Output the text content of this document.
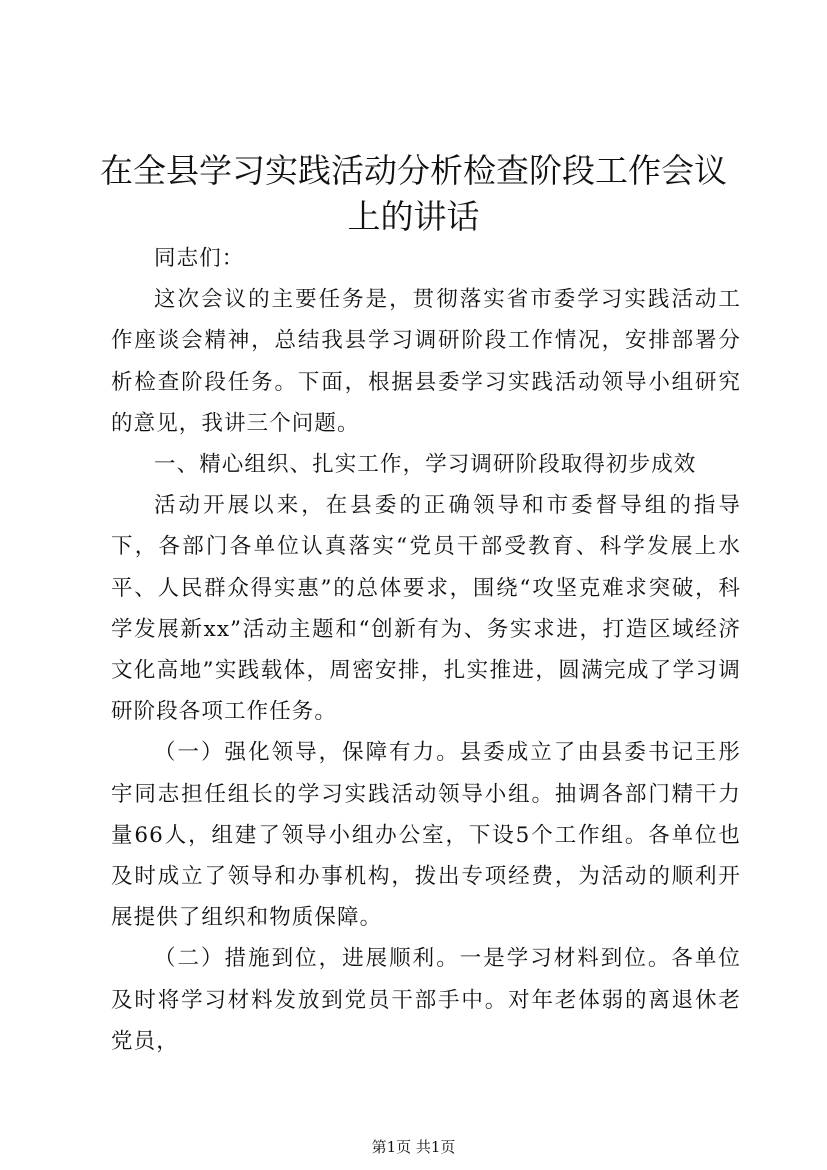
在全县学习实践活动分析检查阶段工作会议上的讲话

同志们：

这次会议的主要任务是，贯彻落实省市委学习实践活动工作座谈会精神，总结我县学习调研阶段工作情况，安排部署分析检查阶段任务。下面，根据县委学习实践活动领导小组研究的意见，我讲三个问题。

一、精心组织、扎实工作，学习调研阶段取得初步成效

活动开展以来，在县委的正确领导和市委督导组的指导下，各部门各单位认真落实“党员干部受教育、科学发展上水平、人民群众得实惠”的总体要求，围绕“攻坚克难求突破，科学发展新xx”活动主题和“创新有为、务实求进，打造区域经济文化高地”实践载体，周密安排，扎实推进，圆满完成了学习调研阶段各项工作任务。

（一）强化领导，保障有力。县委成立了由县委书记王彤宇同志担任组长的学习实践活动领导小组。抽调各部门精干力量66人，组建了领导小组办公室，下设5个工作组。各单位也及时成立了领导和办事机构，拨出专项经费，为活动的顺利开展提供了组织和物质保障。

（二）措施到位，进展顺利。一是学习材料到位。各单位及时将学习材料发放到党员干部手中。对年老体弱的离退休老党员，

第1页 共1页
